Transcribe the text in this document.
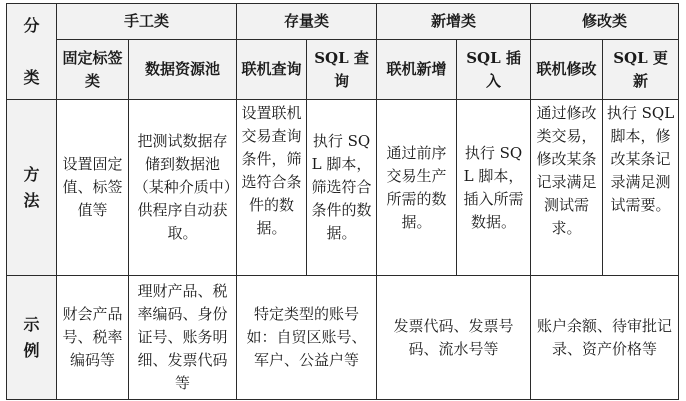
分
类	手工类		存量类		新增类		修改类	
	固定标签类	数据资源池	联机查询	SQL 查询	联机新增	SQL 插入	联机修改	SQL 更新

方
法	设置固定值、标签值等	把测试数据存储到数据池（某种介质中）供程序自动获取。	设置联机交易查询条件，筛选符合条件的数据。	执行 SQL 脚本，筛选符合条件的数据。	通过前序交易生产所需的数据。	执行 SQL 脚本，插入所需数据。	通过修改类交易，修改某条记录满足测试需求。	执行 SQL 脚本，修改某条记录满足测试需要。

示
例	财会产品号、税率编码等	理财产品、税率编码、身份证号、账务明细、发票代码等	特定类型的账号如：自贸区账号、军户、公益户等		发票代码、发票号码、流水号等		账户余额、待审批记录、资产价格等	
